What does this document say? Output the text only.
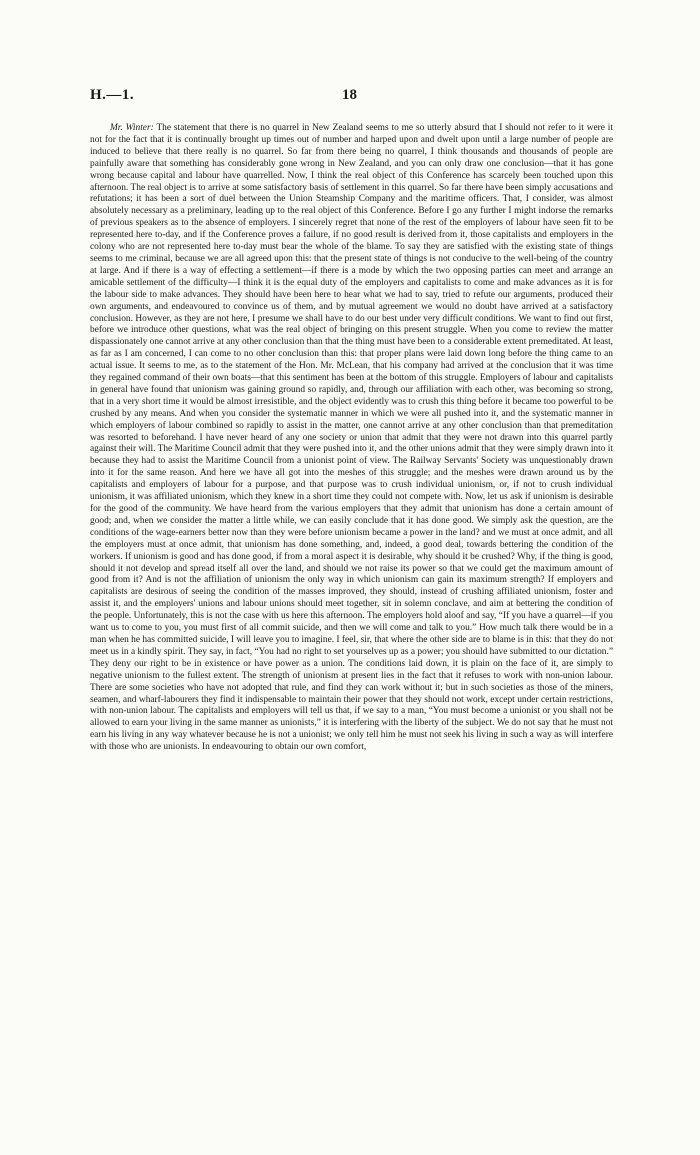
H.—1.	18

Mr. Winter: The statement that there is no quarrel in New Zealand seems to me so utterly absurd that I should not refer to it were it not for the fact that it is continually brought up times out of number and harped upon and dwelt upon until a large number of people are induced to believe that there really is no quarrel. So far from there being no quarrel, I think thousands and thousands of people are painfully aware that something has considerably gone wrong in New Zealand, and you can only draw one conclusion—that it has gone wrong because capital and labour have quarrelled. Now, I think the real object of this Conference has scarcely been touched upon this afternoon. The real object is to arrive at some satisfactory basis of settlement in this quarrel. So far there have been simply accusations and refutations; it has been a sort of duel between the Union Steamship Company and the maritime officers. That, I consider, was almost absolutely necessary as a preliminary, leading up to the real object of this Conference. Before I go any further I might indorse the remarks of previous speakers as to the absence of employers. I sincerely regret that none of the rest of the employers of labour have seen fit to be represented here to-day, and if the Conference proves a failure, if no good result is derived from it, those capitalists and employers in the colony who are not represented here to-day must bear the whole of the blame. To say they are satisfied with the existing state of things seems to me criminal, because we are all agreed upon this: that the present state of things is not conducive to the well-being of the country at large. And if there is a way of effecting a settlement—if there is a mode by which the two opposing parties can meet and arrange an amicable settlement of the difficulty—I think it is the equal duty of the employers and capitalists to come and make advances as it is for the labour side to make advances. They should have been here to hear what we had to say, tried to refute our arguments, produced their own arguments, and endeavoured to convince us of them, and by mutual agreement we would no doubt have arrived at a satisfactory conclusion. However, as they are not here, I presume we shall have to do our best under very difficult conditions. We want to find out first, before we introduce other questions, what was the real object of bringing on this present struggle. When you come to review the matter dispassionately one cannot arrive at any other conclusion than that the thing must have been to a considerable extent premeditated. At least, as far as I am concerned, I can come to no other conclusion than this: that proper plans were laid down long before the thing came to an actual issue. It seems to me, as to the statement of the Hon. Mr. McLean, that his company had arrived at the conclusion that it was time they regained command of their own boats—that this sentiment has been at the bottom of this struggle. Employers of labour and capitalists in general have found that unionism was gaining ground so rapidly, and, through our affiliation with each other, was becoming so strong, that in a very short time it would be almost irresistible, and the object evidently was to crush this thing before it became too powerful to be crushed by any means. And when you consider the systematic manner in which we were all pushed into it, and the systematic manner in which employers of labour combined so rapidly to assist in the matter, one cannot arrive at any other conclusion than that premeditation was resorted to beforehand. I have never heard of any one society or union that admit that they were not drawn into this quarrel partly against their will. The Maritime Council admit that they were pushed into it, and the other unions admit that they were simply drawn into it because they had to assist the Maritime Council from a unionist point of view. The Railway Servants' Society was unquestionably drawn into it for the same reason. And here we have all got into the meshes of this struggle; and the meshes were drawn around us by the capitalists and employers of labour for a purpose, and that purpose was to crush individual unionism, or, if not to crush individual unionism, it was affiliated unionism, which they knew in a short time they could not compete with. Now, let us ask if unionism is desirable for the good of the community. We have heard from the various employers that they admit that unionism has done a certain amount of good; and, when we consider the matter a little while, we can easily conclude that it has done good. We simply ask the question, are the conditions of the wage-earners better now than they were before unionism became a power in the land? and we must at once admit, and all the employers must at once admit, that unionism has done something, and, indeed, a good deal, towards bettering the condition of the workers. If unionism is good and has done good, if from a moral aspect it is desirable, why should it be crushed? Why, if the thing is good, should it not develop and spread itself all over the land, and should we not raise its power so that we could get the maximum amount of good from it? And is not the affiliation of unionism the only way in which unionism can gain its maximum strength? If employers and capitalists are desirous of seeing the condition of the masses improved, they should, instead of crushing affiliated unionism, foster and assist it, and the employers' unions and labour unions should meet together, sit in solemn conclave, and aim at bettering the condition of the people. Unfortunately, this is not the case with us here this afternoon. The employers hold aloof and say, “If you have a quarrel—if you want us to come to you, you must first of all commit suicide, and then we will come and talk to you.” How much talk there would be in a man when he has committed suicide, I will leave you to imagine. I feel, sir, that where the other side are to blame is in this: that they do not meet us in a kindly spirit. They say, in fact, “You had no right to set yourselves up as a power; you should have submitted to our dictation.” They deny our right to be in existence or have power as a union. The conditions laid down, it is plain on the face of it, are simply to negative unionism to the fullest extent. The strength of unionism at present lies in the fact that it refuses to work with non-union labour. There are some societies who have not adopted that rule, and find they can work without it; but in such societies as those of the miners, seamen, and wharf-labourers they find it indispensable to maintain their power that they should not work, except under certain restrictions, with non-union labour. The capitalists and employers will tell us that, if we say to a man, “You must become a unionist or you shall not be allowed to earn your living in the same manner as unionists,” it is interfering with the liberty of the subject. We do not say that he must not earn his living in any way whatever because he is not a unionist; we only tell him he must not seek his living in such a way as will interfere with those who are unionists. In endeavouring to obtain our own comfort,
